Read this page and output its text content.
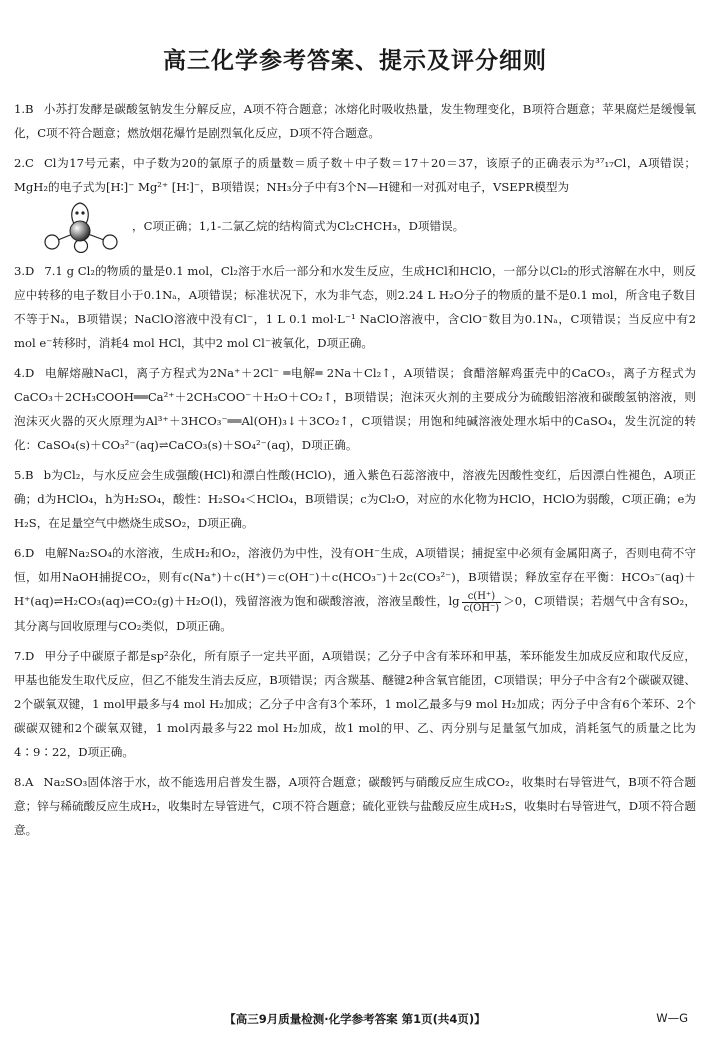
高三化学参考答案、提示及评分细则
1.B 小苏打发酵是碳酸氢钠发生分解反应，A项不符合题意；冰熔化时吸收热量，发生物理变化，B项符合题意；苹果腐烂是缓慢氧化，C项不符合题意；燃放烟花爆竹是剧烈氧化反应，D项不符合题意。
2.C Cl为17号元素，中子数为20的氯原子的质量数＝质子数＋中子数＝17＋20＝37，该原子的正确表示为³⁷₁₇Cl，A项错误；MgH₂的电子式为[H∶]⁻ Mg²⁺ [H∶]⁻，B项错误；NH₃分子中有3个N—H键和一对孤对电子，VSEPR模型为
，C项正确；1,1-二氯乙烷的结构简式为Cl₂CHCH₃，D项错误。
3.D 7.1 g Cl₂的物质的量是0.1 mol，Cl₂溶于水后一部分和水发生反应，生成HCl和HClO，一部分以Cl₂的形式溶解在水中，则反应中转移的电子数目小于0.1Nₐ，A项错误；标准状况下，水为非气态，则2.24 L H₂O分子的物质的量不是0.1 mol，所含电子数目不等于Nₐ，B项错误；NaClO溶液中没有Cl⁻，1 L 0.1 mol·L⁻¹ NaClO溶液中，含ClO⁻数目为0.1Nₐ，C项错误；当反应中有2 mol e⁻转移时，消耗4 mol HCl，其中2 mol Cl⁻被氧化，D项正确。
4.D 电解熔融NaCl，离子方程式为2Na⁺＋2Cl⁻ ═电解═ 2Na＋Cl₂↑，A项错误；食醋溶解鸡蛋壳中的CaCO₃，离子方程式为CaCO₃＋2CH₃COOH══Ca²⁺＋2CH₃COO⁻＋H₂O＋CO₂↑，B项错误；泡沫灭火剂的主要成分为硫酸铝溶液和碳酸氢钠溶液，则泡沫灭火器的灭火原理为Al³⁺＋3HCO₃⁻══Al(OH)₃↓＋3CO₂↑，C项错误；用饱和纯碱溶液处理水垢中的CaSO₄，发生沉淀的转化：CaSO₄(s)＋CO₃²⁻(aq)⇌CaCO₃(s)＋SO₄²⁻(aq)，D项正确。
5.B b为Cl₂，与水反应会生成强酸(HCl)和漂白性酸(HClO)，通入紫色石蕊溶液中，溶液先因酸性变红，后因漂白性褪色，A项正确；d为HClO₄，h为H₂SO₄，酸性：H₂SO₄＜HClO₄，B项错误；c为Cl₂O，对应的水化物为HClO，HClO为弱酸，C项正确；e为H₂S，在足量空气中燃烧生成SO₂，D项正确。
6.D 电解Na₂SO₄的水溶液，生成H₂和O₂，溶液仍为中性，没有OH⁻生成，A项错误；捕捉室中必须有金属阳离子，否则电荷不守恒，如用NaOH捕捉CO₂，则有c(Na⁺)＋c(H⁺)＝c(OH⁻)＋c(HCO₃⁻)＋2c(CO₃²⁻)，B项错误；释放室存在平衡：HCO₃⁻(aq)＋H⁺(aq)⇌H₂CO₃(aq)⇌CO₂(g)＋H₂O(l)，残留溶液为饱和碳酸溶液，溶液呈酸性，$\lg \frac{c(H^+)}{c(OH^-)} >0$，C项错误；若烟气中含有SO₂，其分离与回收原理与CO₂类似，D项正确。
7.D 甲分子中碳原子都是sp²杂化，所有原子一定共平面，A项错误；乙分子中含有苯环和甲基，苯环能发生加成反应和取代反应，甲基也能发生取代反应，但乙不能发生消去反应，B项错误；丙含羰基、醚键2种含氧官能团，C项错误；甲分子中含有2个碳碳双键、2个碳氧双键，1 mol甲最多与4 mol H₂加成；乙分子中含有3个苯环，1 mol乙最多与9 mol H₂加成；丙分子中含有6个苯环、2个碳碳双键和2个碳氧双键，1 mol丙最多与22 mol H₂加成，故1 mol的甲、乙、丙分别与足量氢气加成，消耗氢气的质量之比为4∶9∶22，D项正确。
8.A Na₂SO₃固体溶于水，故不能选用启普发生器，A项符合题意；碳酸钙与硝酸反应生成CO₂，收集时右导管进气，B项不符合题意；锌与稀硫酸反应生成H₂，收集时左导管进气，C项不符合题意；硫化亚铁与盐酸反应生成H₂S，收集时右导管进气，D项不符合题意。
【高三9月质量检测·化学参考答案 第1页(共4页)】	W—G
